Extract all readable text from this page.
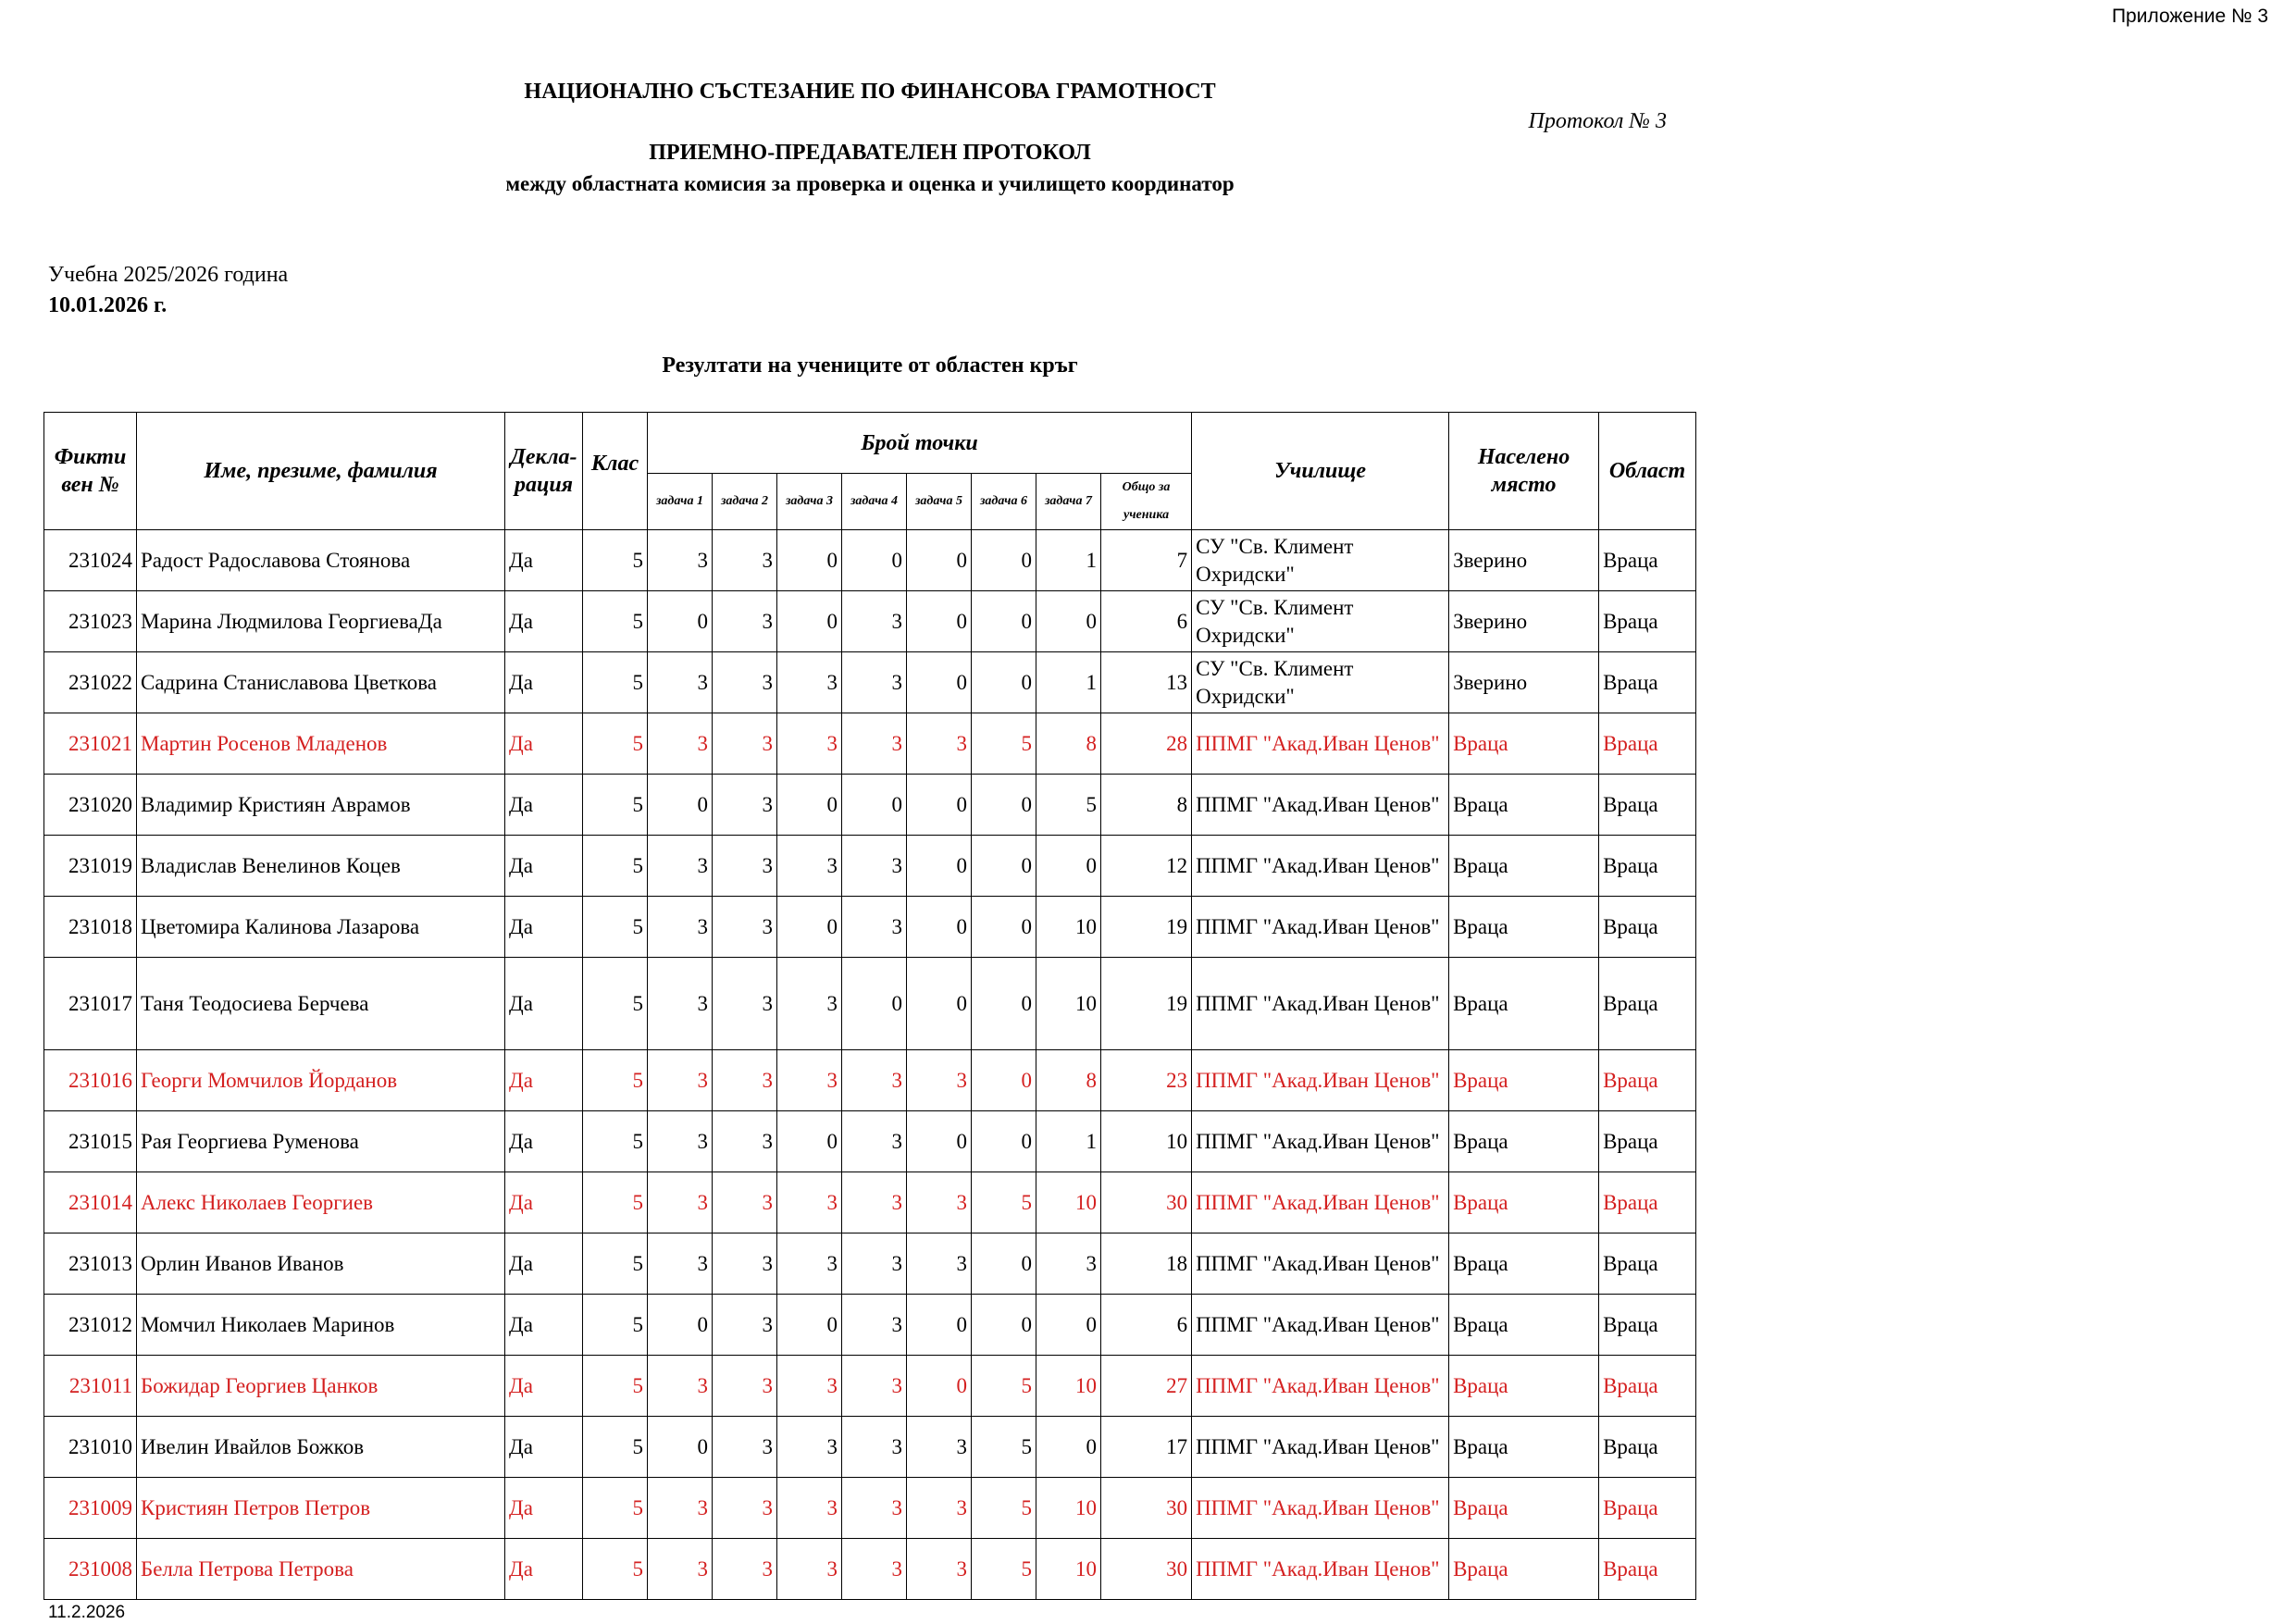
Приложение № 3
НАЦИОНАЛНО СЪСТЕЗАНИЕ ПО ФИНАНСОВА ГРАМОТНОСТ
Протокол № 3
ПРИЕМНО-ПРЕДАВАТЕЛЕН ПРОТОКОЛ
между областната комисия за проверка и оценка и училището координатор
Учебна 2025/2026 година
10.01.2026 г.
Резултати на учениците от областен кръг
Фикти вен №	Име, презиме, фамилия	Декла-рация	Клас	Брой точки								Училище	Населено място	Област
				задача 1	задача 2	задача 3	задача 4	задача 5	задача 6	задача 7	Общо за ученика			
231024	Радост Радославова Стоянова	Да	5	3	3	0	0	0	0	1	7	СУ "Св. Климент Охридски"	Зверино	Враца
231023	Марина Людмилова ГеоргиеваДа	Да	5	0	3	0	3	0	0	0	6	СУ "Св. Климент Охридски"	Зверино	Враца
231022	Садрина Станиславова Цветкова	Да	5	3	3	3	3	0	0	1	13	СУ "Св. Климент Охридски"	Зверино	Враца
231021	Мартин Росенов Младенов	Да	5	3	3	3	3	3	5	8	28	ППМГ "Акад.Иван Ценов"	Враца	Враца
231020	Владимир Кристиян Аврамов	Да	5	0	3	0	0	0	0	5	8	ППМГ "Акад.Иван Ценов"	Враца	Враца
231019	Владислав Венелинов Коцев	Да	5	3	3	3	3	0	0	0	12	ППМГ "Акад.Иван Ценов"	Враца	Враца
231018	Цветомира Калинова Лазарова	Да	5	3	3	0	3	0	0	10	19	ППМГ "Акад.Иван Ценов"	Враца	Враца
231017	Таня Теодосиева Берчева	Да	5	3	3	3	0	0	0	10	19	ППМГ "Акад.Иван Ценов"	Враца	Враца
231016	Георги Момчилов Йорданов	Да	5	3	3	3	3	3	0	8	23	ППМГ "Акад.Иван Ценов"	Враца	Враца
231015	Рая Георгиева Руменова	Да	5	3	3	0	3	0	0	1	10	ППМГ "Акад.Иван Ценов"	Враца	Враца
231014	Алекс Николаев Георгиев	Да	5	3	3	3	3	3	5	10	30	ППМГ "Акад.Иван Ценов"	Враца	Враца
231013	Орлин Иванов Иванов	Да	5	3	3	3	3	3	0	3	18	ППМГ "Акад.Иван Ценов"	Враца	Враца
231012	Момчил Николаев Маринов	Да	5	0	3	0	3	0	0	0	6	ППМГ "Акад.Иван Ценов"	Враца	Враца
231011	Божидар Георгиев Цанков	Да	5	3	3	3	3	0	5	10	27	ППМГ "Акад.Иван Ценов"	Враца	Враца
231010	Ивелин Ивайлов Божков	Да	5	0	3	3	3	3	5	0	17	ППМГ "Акад.Иван Ценов"	Враца	Враца
231009	Кристиян Петров Петров	Да	5	3	3	3	3	3	5	10	30	ППМГ "Акад.Иван Ценов"	Враца	Враца
231008	Белла Петрова Петрова	Да	5	3	3	3	3	3	5	10	30	ППМГ "Акад.Иван Ценов"	Враца	Враца
11.2.2026
